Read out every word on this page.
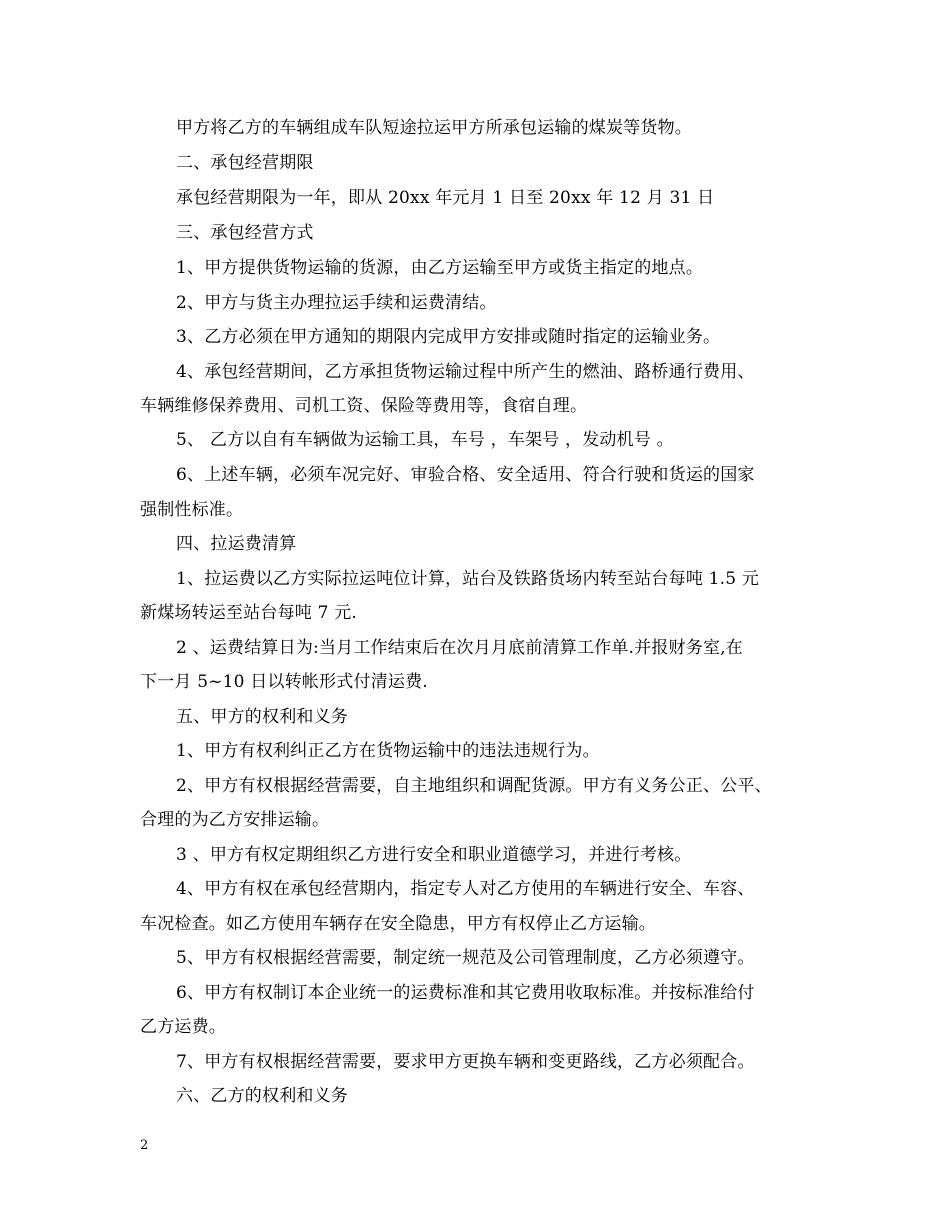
甲方将乙方的车辆组成车队短途拉运甲方所承包运输的煤炭等货物。
二、承包经营期限
承包经营期限为一年，即从 20xx 年元月 1 日至 20xx 年 12 月 31 日
三、承包经营方式
1、甲方提供货物运输的货源，由乙方运输至甲方或货主指定的地点。
2、甲方与货主办理拉运手续和运费清结。
3、乙方必须在甲方通知的期限内完成甲方安排或随时指定的运输业务。
4、承包经营期间，乙方承担货物运输过程中所产生的燃油、路桥通行费用、
车辆维修保养费用、司机工资、保险等费用等，食宿自理。
5、 乙方以自有车辆做为运输工具，车号 ，车架号 ，发动机号 。
6、上述车辆，必须车况完好、审验合格、安全适用、符合行驶和货运的国家
强制性标准。
四、拉运费清算
1、拉运费以乙方实际拉运吨位计算，站台及铁路货场内转至站台每吨 1.5 元
新煤场转运至站台每吨 7 元.
2 、运费结算日为:当月工作结束后在次月月底前清算工作单.并报财务室,在
下一月 5~10 日以转帐形式付清运费.
五、甲方的权利和义务
1、甲方有权利纠正乙方在货物运输中的违法违规行为。
2、甲方有权根据经营需要，自主地组织和调配货源。甲方有义务公正、公平、
合理的为乙方安排运输。
3 、甲方有权定期组织乙方进行安全和职业道德学习，并进行考核。
4、甲方有权在承包经营期内，指定专人对乙方使用的车辆进行安全、车容、
车况检查。如乙方使用车辆存在安全隐患，甲方有权停止乙方运输。
5、甲方有权根据经营需要，制定统一规范及公司管理制度，乙方必须遵守。
6、甲方有权制订本企业统一的运费标准和其它费用收取标准。并按标准给付
乙方运费。
7、甲方有权根据经营需要，要求甲方更换车辆和变更路线，乙方必须配合。
六、乙方的权利和义务
2
